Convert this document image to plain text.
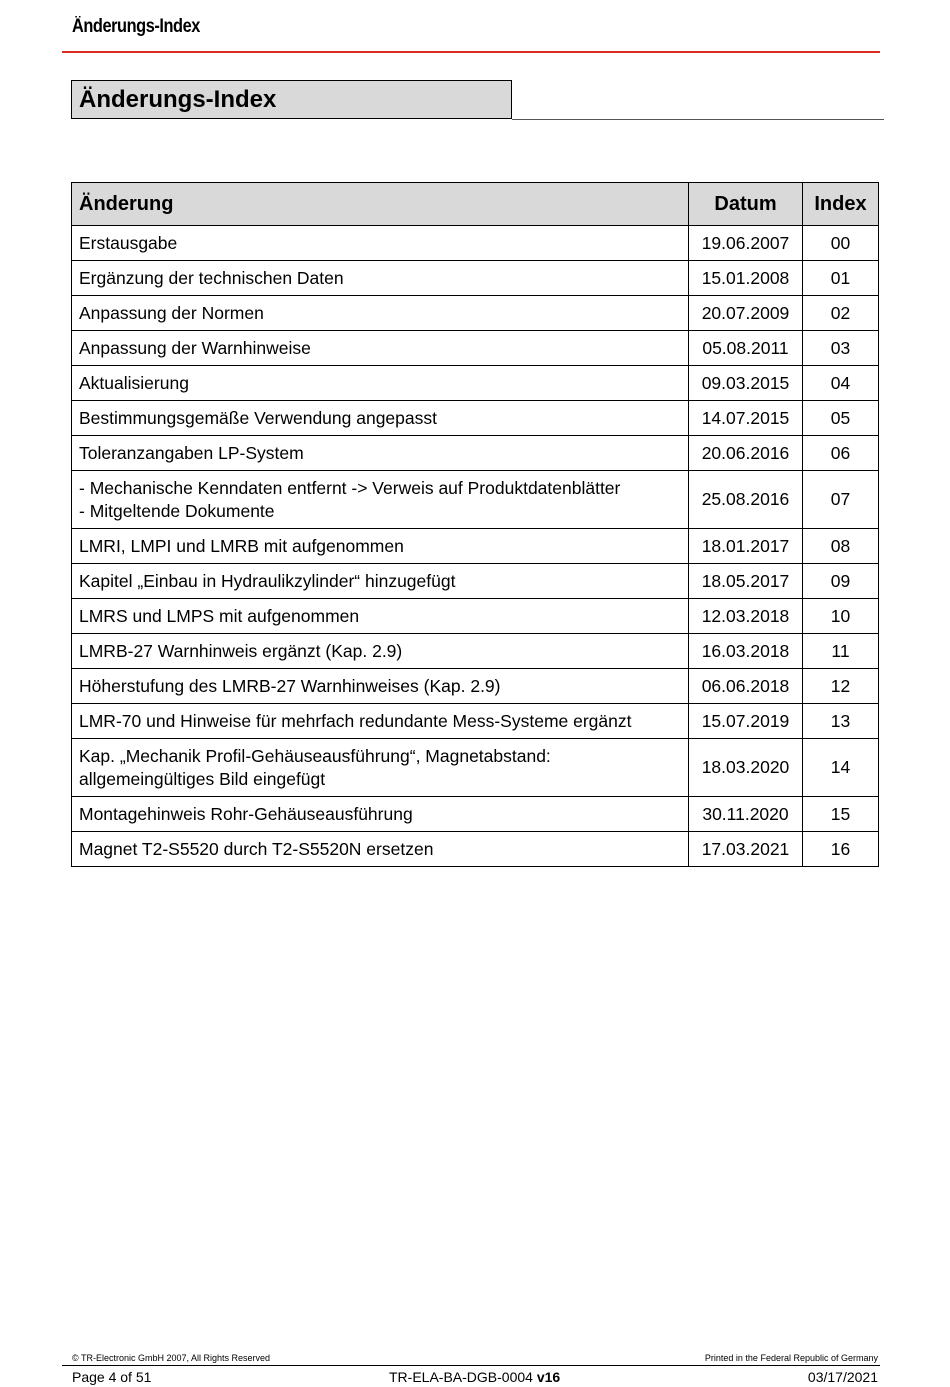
Änderungs-Index
Änderungs-Index
Änderung	Datum	Index
Erstausgabe	19.06.2007	00
Ergänzung der technischen Daten	15.01.2008	01
Anpassung der Normen	20.07.2009	02
Anpassung der Warnhinweise	05.08.2011	03
Aktualisierung	09.03.2015	04
Bestimmungsgemäße Verwendung angepasst	14.07.2015	05
Toleranzangaben LP-System	20.06.2016	06

- Mechanische Kenndaten entfernt -> Verweis auf Produktdatenblätter
- Mitgeltende Dokumente	25.08.2016	07
LMRI, LMPI und LMRB mit aufgenommen	18.01.2017	08
Kapitel „Einbau in Hydraulikzylinder“ hinzugefügt	18.05.2017	09
LMRS und LMPS mit aufgenommen	12.03.2018	10
LMRB-27 Warnhinweis ergänzt (Kap. 2.9)	16.03.2018	11
Höherstufung des LMRB-27 Warnhinweises (Kap. 2.9)	06.06.2018	12
LMR-70 und Hinweise für mehrfach redundante Mess-Systeme ergänzt	15.07.2019	13

Kap. „Mechanik Profil-Gehäuseausführung“, Magnetabstand:
allgemeingültiges Bild eingefügt	18.03.2020	14
Montagehinweis Rohr-Gehäuseausführung	30.11.2020	15
Magnet T2-S5520 durch T2-S5520N ersetzen	17.03.2021	16
© TR-Electronic GmbH 2007, All Rights Reserved	Printed in the Federal Republic of Germany
Page 4 of 51	TR-ELA-BA-DGB-0004 v16	03/17/2021
